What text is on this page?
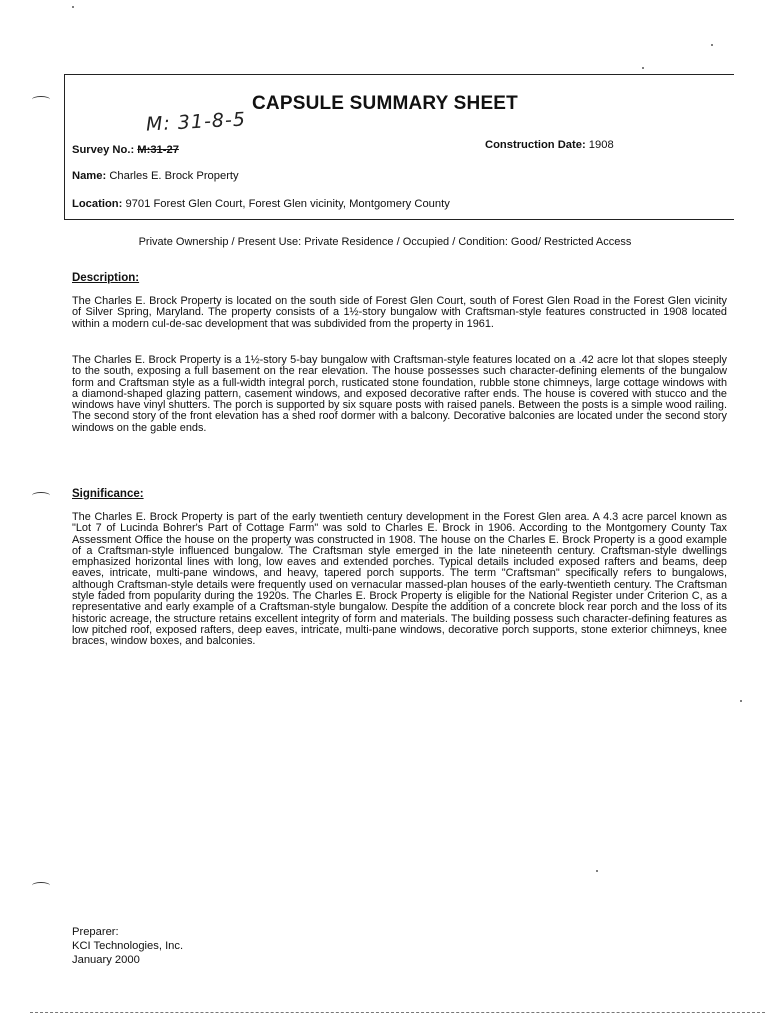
CAPSULE SUMMARY SHEET
M: 31-8-5
Survey No.: M:31-27	Construction Date: 1908
Name: Charles E. Brock Property
Location: 9701 Forest Glen Court, Forest Glen vicinity, Montgomery County
Private Ownership / Present Use: Private Residence / Occupied / Condition: Good/ Restricted Access
Description:
The Charles E. Brock Property is located on the south side of Forest Glen Court, south of Forest Glen Road in the Forest Glen vicinity of Silver Spring, Maryland. The property consists of a 1½-story bungalow with Craftsman-style features constructed in 1908 located within a modern cul-de-sac development that was subdivided from the property in 1961.
The Charles E. Brock Property is a 1½-story 5-bay bungalow with Craftsman-style features located on a .42 acre lot that slopes steeply to the south, exposing a full basement on the rear elevation. The house possesses such character-defining elements of the bungalow form and Craftsman style as a full-width integral porch, rusticated stone foundation, rubble stone chimneys, large cottage windows with a diamond-shaped glazing pattern, casement windows, and exposed decorative rafter ends. The house is covered with stucco and the windows have vinyl shutters. The porch is supported by six square posts with raised panels. Between the posts is a simple wood railing. The second story of the front elevation has a shed roof dormer with a balcony. Decorative balconies are located under the second story windows on the gable ends.
Significance:
The Charles E. Brock Property is part of the early twentieth century development in the Forest Glen area. A 4.3 acre parcel known as "Lot 7 of Lucinda Bohrer's Part of Cottage Farm" was sold to Charles E. Brock in 1906. According to the Montgomery County Tax Assessment Office the house on the property was constructed in 1908. The house on the Charles E. Brock Property is a good example of a Craftsman-style influenced bungalow. The Craftsman style emerged in the late nineteenth century. Craftsman-style dwellings emphasized horizontal lines with long, low eaves and extended porches. Typical details included exposed rafters and beams, deep eaves, intricate, multi-pane windows, and heavy, tapered porch supports. The term "Craftsman" specifically refers to bungalows, although Craftsman-style details were frequently used on vernacular massed-plan houses of the early-twentieth century. The Craftsman style faded from popularity during the 1920s. The Charles E. Brock Property is eligible for the National Register under Criterion C, as a representative and early example of a Craftsman-style bungalow. Despite the addition of a concrete block rear porch and the loss of its historic acreage, the structure retains excellent integrity of form and materials. The building possess such character-defining features as low pitched roof, exposed rafters, deep eaves, intricate, multi-pane windows, decorative porch supports, stone exterior chimneys, knee braces, window boxes, and balconies.
Preparer:
KCI Technologies, Inc.
January 2000
